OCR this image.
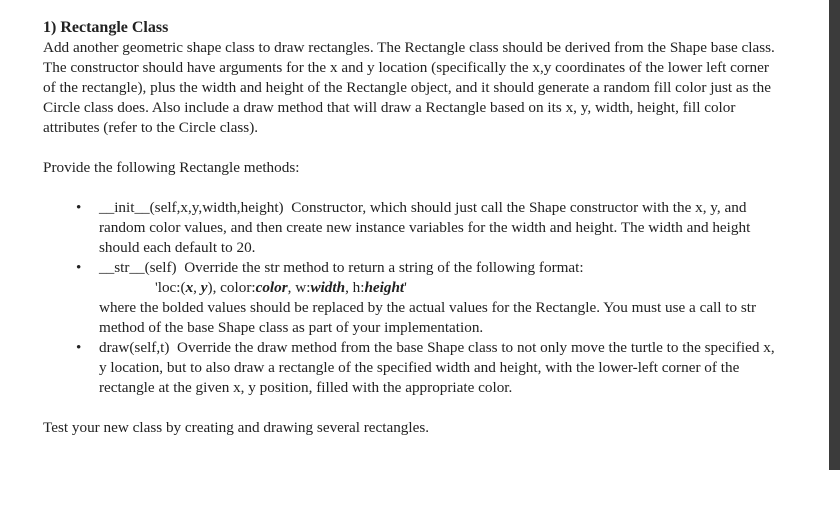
1) Rectangle Class

Add another geometric shape class to draw rectangles. The Rectangle class should be derived from the Shape base class. The constructor should have arguments for the x and y location (specifically the x,y coordinates of the lower left corner of the rectangle), plus the width and height of the Rectangle object, and it should generate a random fill color just as the Circle class does. Also include a draw method that will draw a Rectangle based on its x, y, width, height, fill color attributes (refer to the Circle class).

Provide the following Rectangle methods:

• __init__(self,x,y,width,height) Constructor, which should just call the Shape constructor with the x, y, and random color values, and then create new instance variables for the width and height. The width and height should each default to 20.
• __str__(self) Override the str method to return a string of the following format:
'loc:(x, y), color:color, w:width, h:height'
where the bolded values should be replaced by the actual values for the Rectangle. You must use a call to str method of the base Shape class as part of your implementation.
• draw(self,t) Override the draw method from the base Shape class to not only move the turtle to the specified x, y location, but to also draw a rectangle of the specified width and height, with the lower-left corner of the rectangle at the given x, y position, filled with the appropriate color.

Test your new class by creating and drawing several rectangles.
